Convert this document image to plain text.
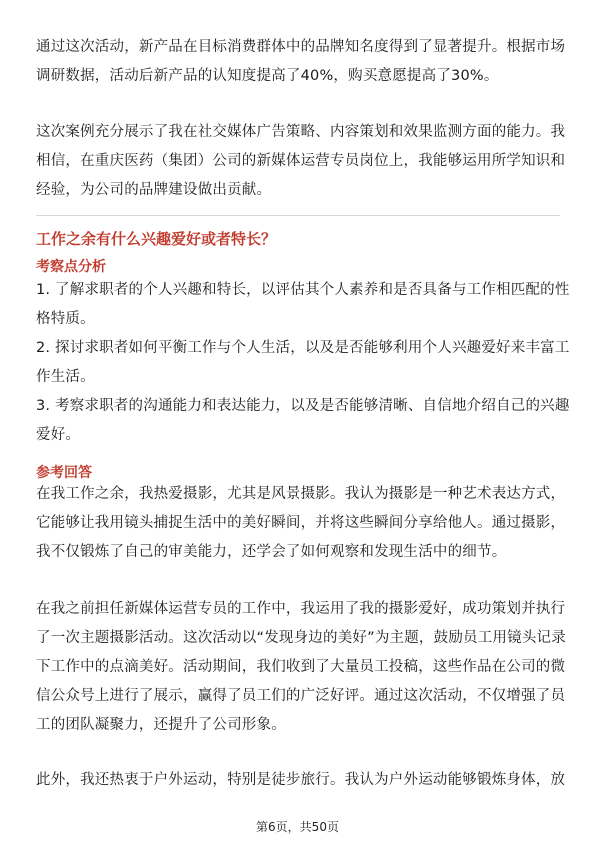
通过这次活动，新产品在目标消费群体中的品牌知名度得到了显著提升。根据市场
调研数据，活动后新产品的认知度提高了40%，购买意愿提高了30%。

这次案例充分展示了我在社交媒体广告策略、内容策划和效果监测方面的能力。我
相信，在重庆医药（集团）公司的新媒体运营专员岗位上，我能够运用所学知识和
经验，为公司的品牌建设做出贡献。

工作之余有什么兴趣爱好或者特长？

考察点分析

1. 了解求职者的个人兴趣和特长，以评估其个人素养和是否具备与工作相匹配的性
格特质。
2. 探讨求职者如何平衡工作与个人生活，以及是否能够利用个人兴趣爱好来丰富工
作生活。
3. 考察求职者的沟通能力和表达能力，以及是否能够清晰、自信地介绍自己的兴趣
爱好。

参考回答

在我工作之余，我热爱摄影，尤其是风景摄影。我认为摄影是一种艺术表达方式，
它能够让我用镜头捕捉生活中的美好瞬间，并将这些瞬间分享给他人。通过摄影，
我不仅锻炼了自己的审美能力，还学会了如何观察和发现生活中的细节。

在我之前担任新媒体运营专员的工作中，我运用了我的摄影爱好，成功策划并执行
了一次主题摄影活动。这次活动以“发现身边的美好”为主题，鼓励员工用镜头记录
下工作中的点滴美好。活动期间，我们收到了大量员工投稿，这些作品在公司的微
信公众号上进行了展示，赢得了员工们的广泛好评。通过这次活动，不仅增强了员
工的团队凝聚力，还提升了公司形象。

此外，我还热衷于户外运动，特别是徒步旅行。我认为户外运动能够锻炼身体，放

第6页，共50页
